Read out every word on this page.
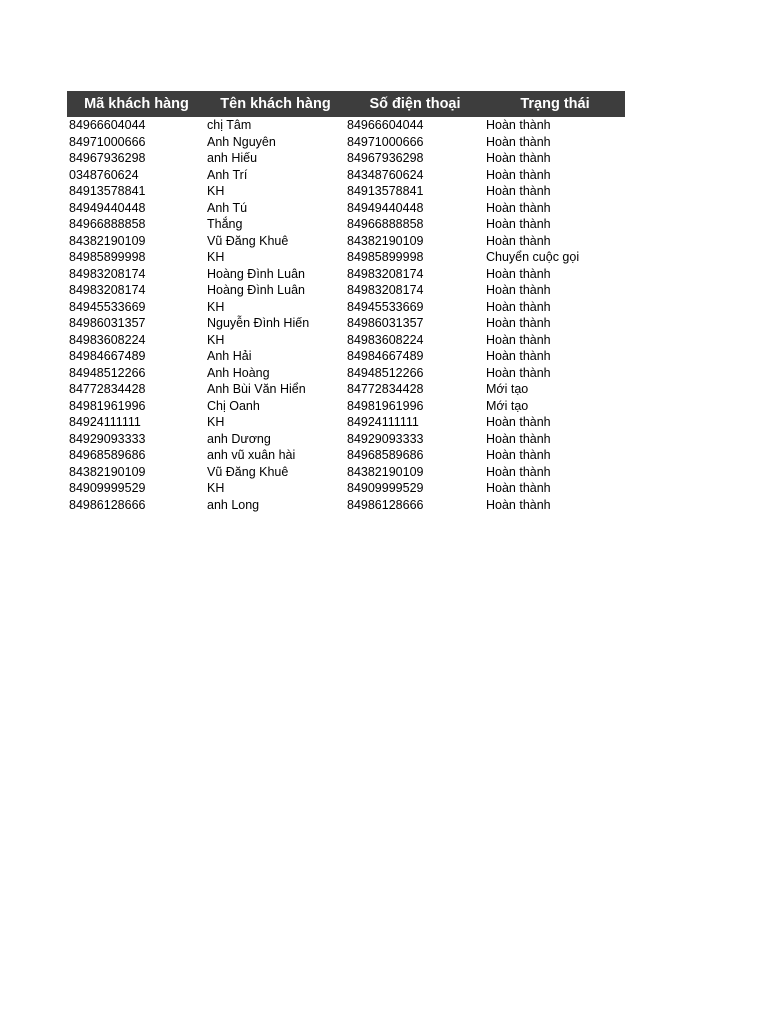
Mã khách hàng	Tên khách hàng	Số điện thoại	Trạng thái
84966604044	chị Tâm	84966604044	Hoàn thành
84971000666	Anh Nguyên	84971000666	Hoàn thành
84967936298	anh Hiếu	84967936298	Hoàn thành
0348760624	Anh Trí	84348760624	Hoàn thành
84913578841	KH	84913578841	Hoàn thành
84949440448	Anh Tú	84949440448	Hoàn thành
84966888858	Thắng	84966888858	Hoàn thành
84382190109	Vũ Đăng Khuê	84382190109	Hoàn thành
84985899998	KH	84985899998	Chuyển cuộc gọi
84983208174	Hoàng Đình Luân	84983208174	Hoàn thành
84983208174	Hoàng Đình Luân	84983208174	Hoàn thành
84945533669	KH	84945533669	Hoàn thành
84986031357	Nguyễn Đình Hiến	84986031357	Hoàn thành
84983608224	KH	84983608224	Hoàn thành
84984667489	Anh Hải	84984667489	Hoàn thành
84948512266	Anh Hoàng	84948512266	Hoàn thành
84772834428	Anh Bùi Văn Hiển	84772834428	Mới tạo
84981961996	Chị Oanh	84981961996	Mới tạo
84924111111	KH	84924111111	Hoàn thành
84929093333	anh Dương	84929093333	Hoàn thành
84968589686	anh vũ xuân hài	84968589686	Hoàn thành
84382190109	Vũ Đăng Khuê	84382190109	Hoàn thành
84909999529	KH	84909999529	Hoàn thành
84986128666	anh Long	84986128666	Hoàn thành
